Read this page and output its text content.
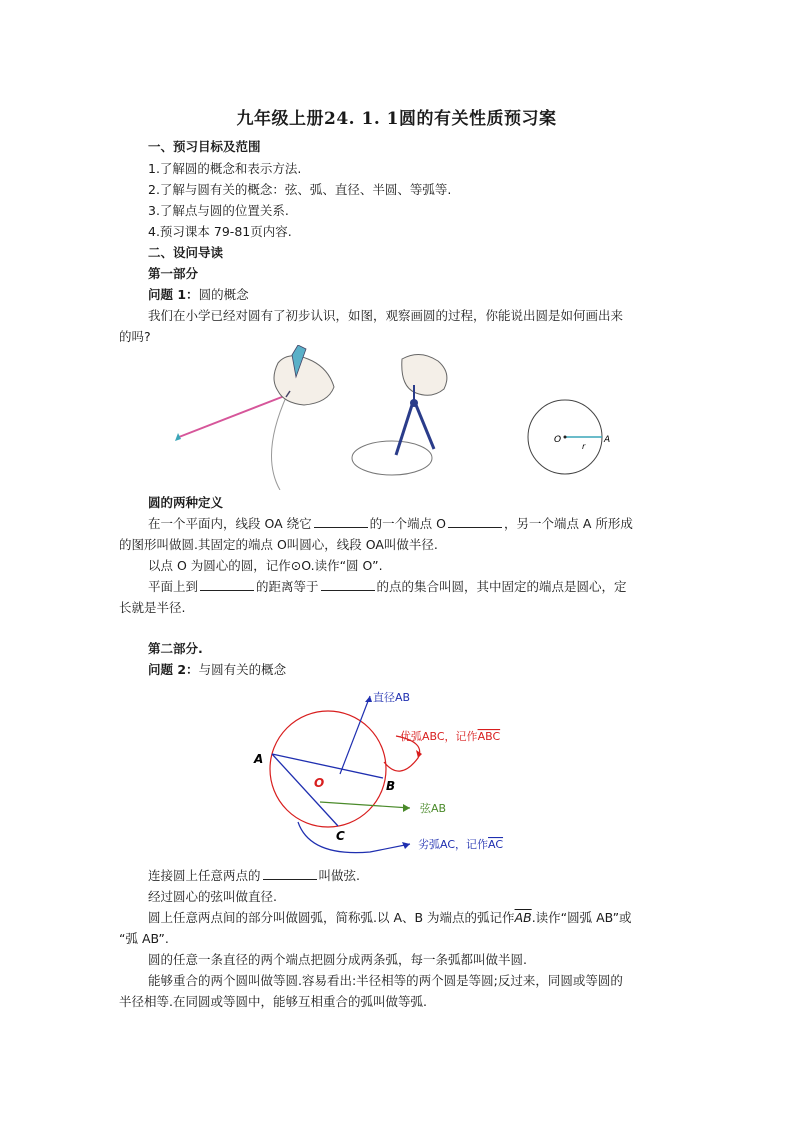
九年级上册24. 1. 1圆的有关性质预习案
一、预习目标及范围
1.了解圆的概念和表示方法.
2.了解与圆有关的概念：弦、弧、直径、半圆、等弧等.
3.了解点与圆的位置关系.
4.预习课本 79-81页内容.
二、设问导读
第一部分
问题 1：圆的概念
我们在小学已经对圆有了初步认识，如图，观察画圆的过程，你能说出圆是如何画出来
的吗?
O	A
r
圆的两种定义
在一个平面内，线段 OA 绕它	的一个端点 O	，另一个端点 A 所形成
的图形叫做圆.其固定的端点 O叫圆心，线段 OA叫做半径.
以点 O 为圆心的圆，记作⊙O.读作“圆 O”.
平面上到	的距离等于	的点的集合叫圆，其中固定的端点是圆心，定
长就是半径.
第二部分.
问题 2：与圆有关的概念
直径AB
优弧ABC，记作ABC
弦AB
劣弧AC，记作AC
A
B
C
O
连接圆上任意两点的	叫做弦.
经过圆心的弦叫做直径.
圆上任意两点间的部分叫做圆弧，简称弧.以 A、B 为端点的弧记作$\overline{AB}$.读作“圆弧 AB”或
“弧 AB”.
圆的任意一条直径的两个端点把圆分成两条弧，每一条弧都叫做半圆.
能够重合的两个圆叫做等圆.容易看出:半径相等的两个圆是等圆;反过来，同圆或等圆的
半径相等.在同圆或等圆中，能够互相重合的弧叫做等弧.
